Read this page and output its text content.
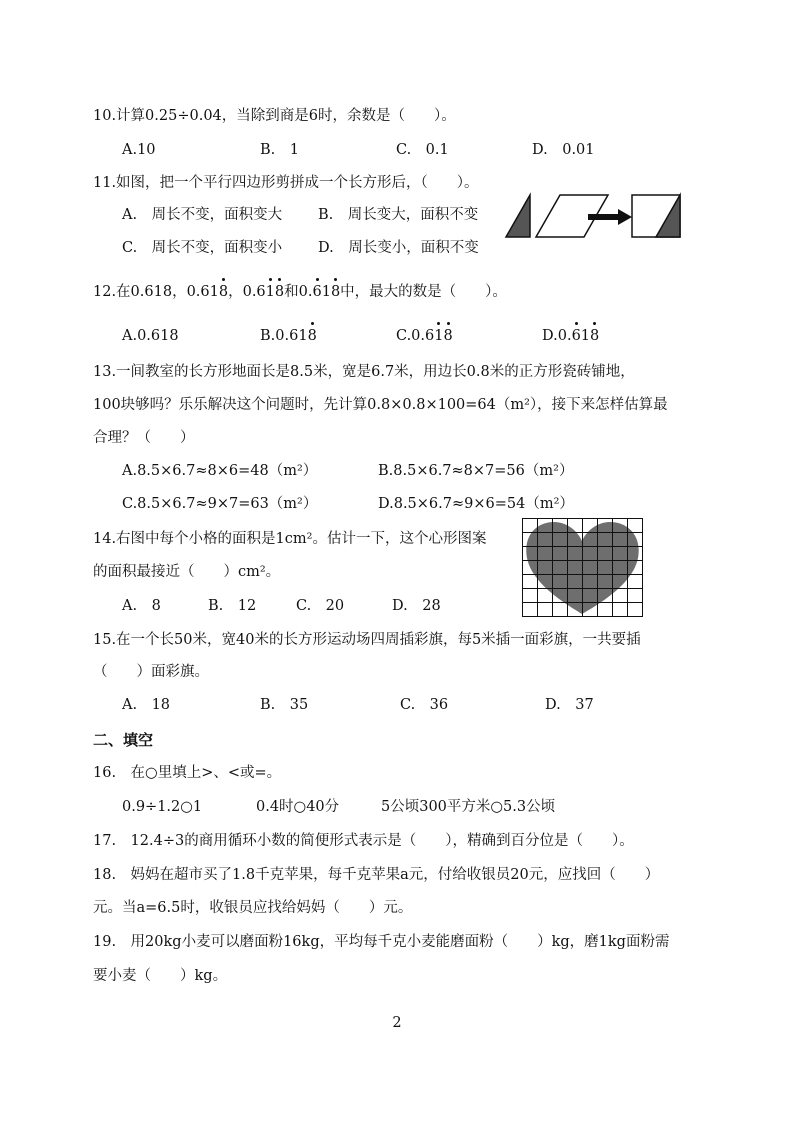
10.计算0.25÷0.04，当除到商是6时，余数是（　　）。
A.10	B.　1	C.　0.1	D.　0.01
11.如图，把一个平行四边形剪拼成一个长方形后，（　　）。
A.　周长不变，面积变大 B.　周长变大，面积不变
C.　周长不变，面积变小 D.　周长变小，面积不变
12.在0.618，0.618，0.618和0.618中，最大的数是（　　）。
A.0.618	B.0.618	C.0.618	D.0.618
13.一间教室的长方形地面长是8.5米，宽是6.7米，用边长0.8米的正方形瓷砖铺地，
100块够吗？乐乐解决这个问题时，先计算0.8×0.8×100=64（m²），接下来怎样估算最
合理？（　　）
A.8.5×6.7≈8×6=48（m²）	B.8.5×6.7≈8×7=56（m²）
C.8.5×6.7≈9×7=63（m²）	D.8.5×6.7≈9×6=54（m²）
14.右图中每个小格的面积是1cm²。估计一下，这个心形图案
的面积最接近（　　）cm²。
A.　8	B.　12	C.　20	D.　28
15.在一个长50米，宽40米的长方形运动场四周插彩旗，每5米插一面彩旗，一共要插
（　　）面彩旗。
A.　18	B.　35	C.　36	D.　37
二、填空
16.　在○里填上>、<或=。
0.9÷1.2○1	0.4时○40分	5公顷300平方米○5.3公顷
17.　12.4÷3的商用循环小数的简便形式表示是（　　），精确到百分位是（　　）。
18.　妈妈在超市买了1.8千克苹果，每千克苹果a元，付给收银员20元，应找回（　　）
元。当a=6.5时，收银员应找给妈妈（　　）元。
19.　用20kg小麦可以磨面粉16kg，平均每千克小麦能磨面粉（　　）kg，磨1kg面粉需
要小麦（　　）kg。
2
